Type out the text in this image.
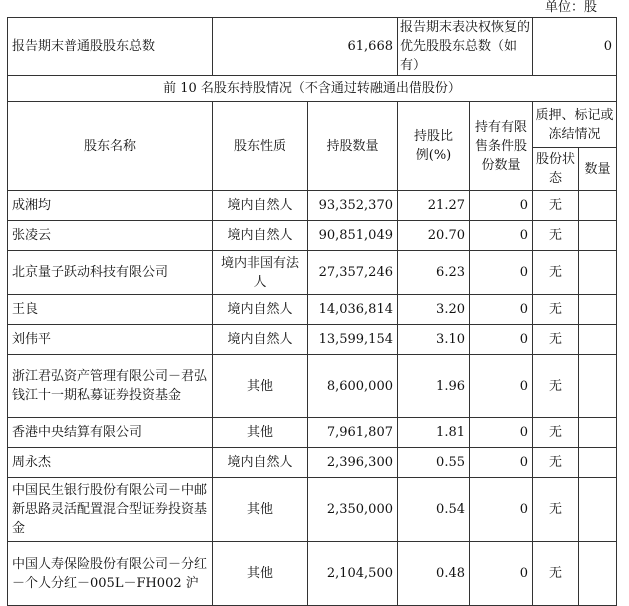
单位：股
报告期末普通股股东总数	61,668		报告期末表决权恢复的优先股股东总数（如有）		0	
前 10 名股东持股情况（不含通过转融通出借股份）						
股东名称	股东性质	持股数量	持股比例(%)	持有有限售条件股份数量	质押、标记或冻结情况	
					股份状态	数量
成湘均	境内自然人	93,352,370	21.27	0	无	
张凌云	境内自然人	90,851,049	20.70	0	无	
北京量子跃动科技有限公司	境内非国有法人	27,357,246	6.23	0	无	
王良	境内自然人	14,036,814	3.20	0	无	
刘伟平	境内自然人	13,599,154	3.10	0	无	
浙江君弘资产管理有限公司－君弘钱江十一期私募证券投资基金	其他	8,600,000	1.96	0	无	
香港中央结算有限公司	其他	7,961,807	1.81	0	无	
周永杰	境内自然人	2,396,300	0.55	0	无	
中国民生银行股份有限公司－中邮新思路灵活配置混合型证券投资基金	其他	2,350,000	0.54	0	无	
中国人寿保险股份有限公司－分红－个人分红－005L－FH002 沪	其他	2,104,500	0.48	0	无	
